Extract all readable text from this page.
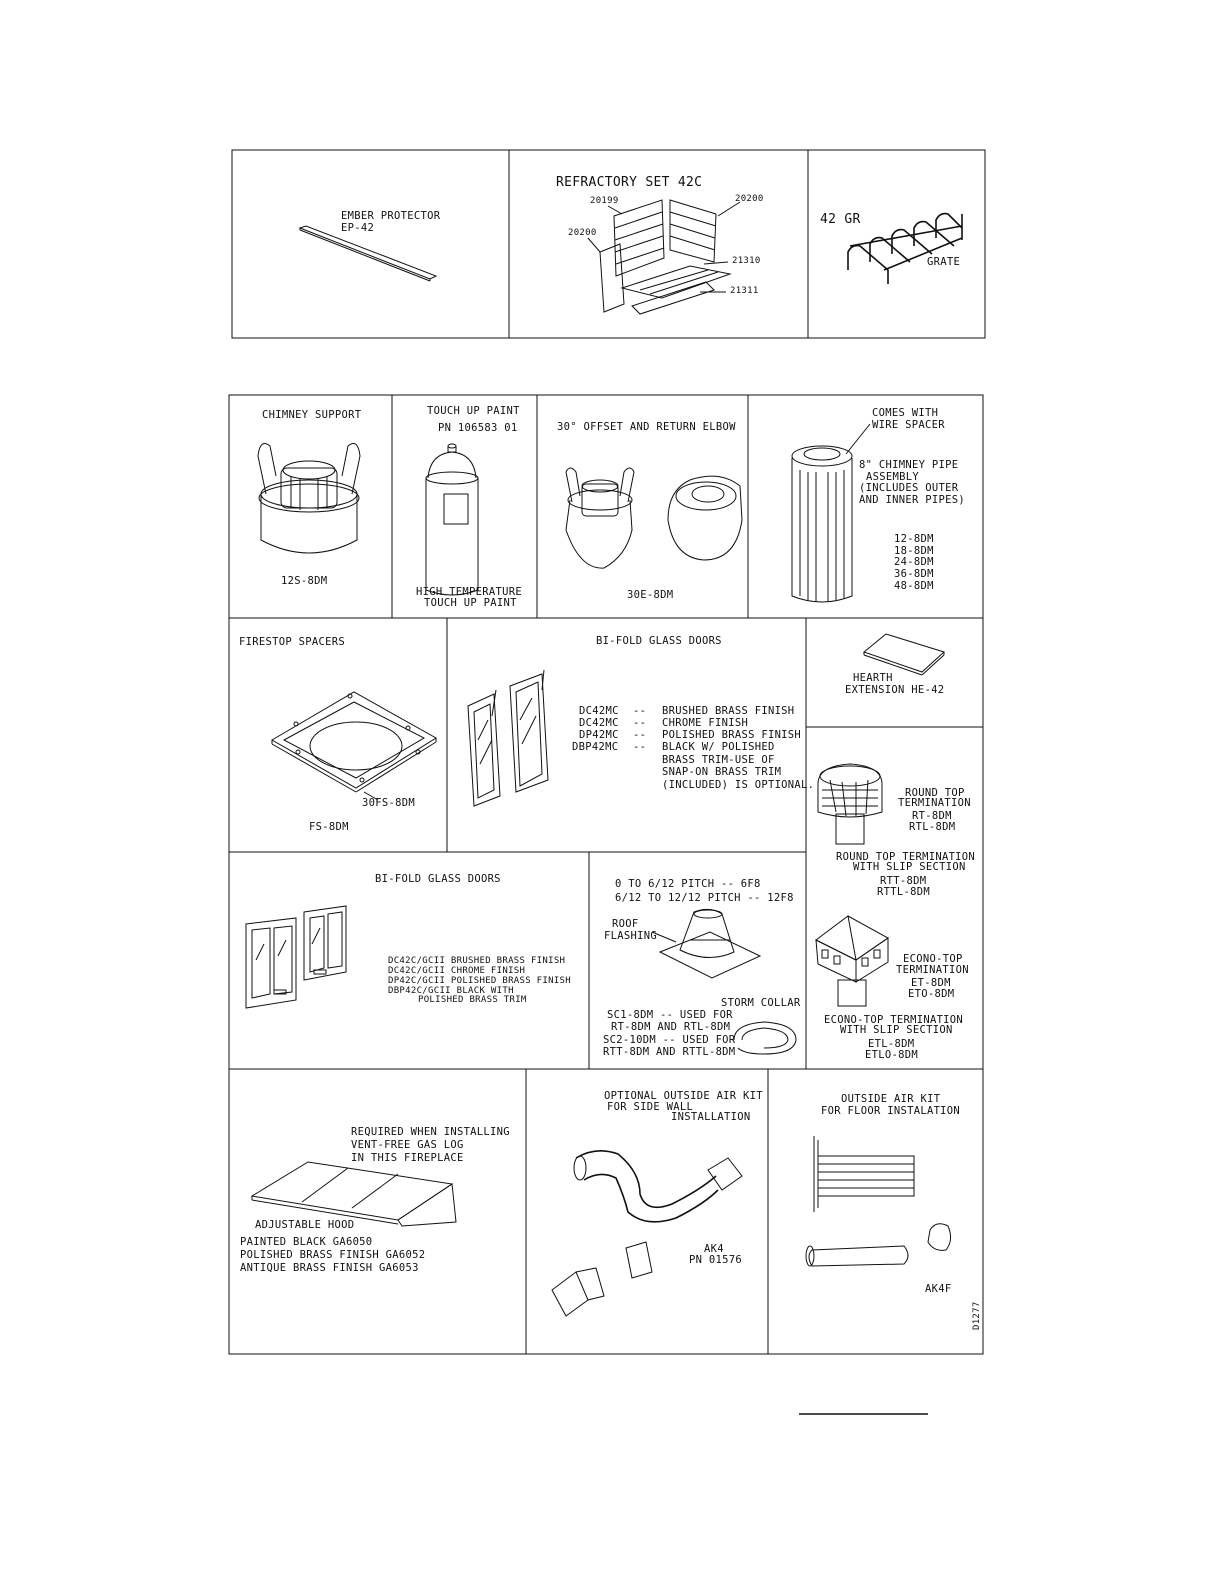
EMBER PROTECTOR
EP-42
REFRACTORY SET 42C
20199	20200
20200
21310
21311
42 GR
GRATE
CHIMNEY SUPPORT
12S-8DM
TOUCH UP PAINT
PN 106583 01
HIGH TEMPERATURE
TOUCH UP PAINT
30° OFFSET AND RETURN ELBOW
30E-8DM
COMES WITH
WIRE SPACER
8" CHIMNEY PIPE
ASSEMBLY
(INCLUDES OUTER
AND INNER PIPES)
12-8DM
18-8DM
24-8DM
36-8DM
48-8DM
FIRESTOP SPACERS
30FS-8DM
FS-8DM
BI-FOLD GLASS DOORS
DC42MC -- BRUSHED BRASS FINISH
DC42MC -- CHROME FINISH
DP42MC -- POLISHED BRASS FINISH
DBP42MC -- BLACK W/ POLISHED
BRASS TRIM-USE OF
SNAP-ON BRASS TRIM
(INCLUDED) IS OPTIONAL.
HEARTH
EXTENSION HE-42
ROUND TOP
TERMINATION
RT-8DM
RTL-8DM
ROUND TOP TERMINATION
WITH SLIP SECTION
RTT-8DM
RTTL-8DM
BI-FOLD GLASS DOORS
DC42C/GCII BRUSHED BRASS FINISH
DC42C/GCII CHROME FINISH
DP42C/GCII POLISHED BRASS FINISH
DBP42C/GCII BLACK WITH
POLISHED BRASS TRIM
0 TO 6/12 PITCH -- 6F8
6/12 TO 12/12 PITCH -- 12F8
ROOF
FLASHING
STORM COLLAR
SC1-8DM -- USED FOR
RT-8DM AND RTL-8DM
SC2-10DM -- USED FOR
RTT-8DM AND RTTL-8DM
ECONO-TOP
TERMINATION
ET-8DM
ETO-8DM
ECONO-TOP TERMINATION
WITH SLIP SECTION
ETL-8DM
ETLO-8DM
REQUIRED WHEN INSTALLING
VENT-FREE GAS LOG
IN THIS FIREPLACE
ADJUSTABLE HOOD
PAINTED BLACK GA6050
POLISHED BRASS FINISH GA6052
ANTIQUE BRASS FINISH GA6053
OPTIONAL OUTSIDE AIR KIT
FOR SIDE WALL
INSTALLATION
AK4
PN 01576
OUTSIDE AIR KIT
FOR FLOOR INSTALATION
AK4F
D1277
